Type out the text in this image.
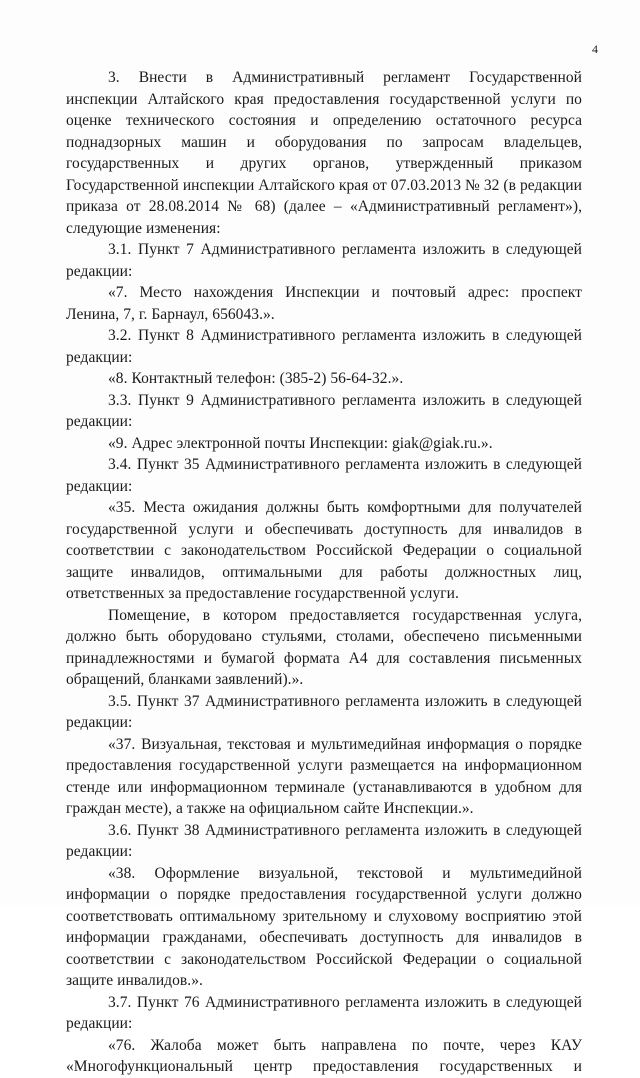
4

3. Внести в Административный регламент Государственной инспекции Алтайского края предоставления государственной услуги по оценке технического состояния и определению остаточного ресурса поднадзорных машин и оборудования по запросам владельцев, государственных и других органов, утвержденный приказом Государственной инспекции Алтайского края от 07.03.2013 № 32 (в редакции приказа от 28.08.2014 № 68) (далее – «Административный регламент»), следующие изменения:

3.1. Пункт 7 Административного регламента изложить в следующей редакции:

«7. Место нахождения Инспекции и почтовый адрес: проспект Ленина, 7, г. Барнаул, 656043.».

3.2. Пункт 8 Административного регламента изложить в следующей редакции:

«8. Контактный телефон: (385-2) 56-64-32.».

3.3. Пункт 9 Административного регламента изложить в следующей редакции:

«9. Адрес электронной почты Инспекции: giak@giak.ru.».

3.4. Пункт 35 Административного регламента изложить в следующей редакции:

«35. Места ожидания должны быть комфортными для получателей государственной услуги и обеспечивать доступность для инвалидов в соответствии с законодательством Российской Федерации о социальной защите инвалидов, оптимальными для работы должностных лиц, ответственных за предоставление государственной услуги.

Помещение, в котором предоставляется государственная услуга, должно быть оборудовано стульями, столами, обеспечено письменными принадлежностями и бумагой формата А4 для составления письменных обращений, бланками заявлений).».

3.5. Пункт 37 Административного регламента изложить в следующей редакции:

«37. Визуальная, текстовая и мультимедийная информация о порядке предоставления государственной услуги размещается на информационном стенде или информационном терминале (устанавливаются в удобном для граждан месте), а также на официальном сайте Инспекции.».

3.6. Пункт 38 Административного регламента изложить в следующей редакции:

«38. Оформление визуальной, текстовой и мультимедийной информации о порядке предоставления государственной услуги должно соответствовать оптимальному зрительному и слуховому восприятию этой информации гражданами, обеспечивать доступность для инвалидов в соответствии с законодательством Российской Федерации о социальной защите инвалидов.».

3.7. Пункт 76 Административного регламента изложить в следующей редакции:

«76. Жалоба может быть направлена по почте, через КАУ «Многофункциональный центр предоставления государственных и
